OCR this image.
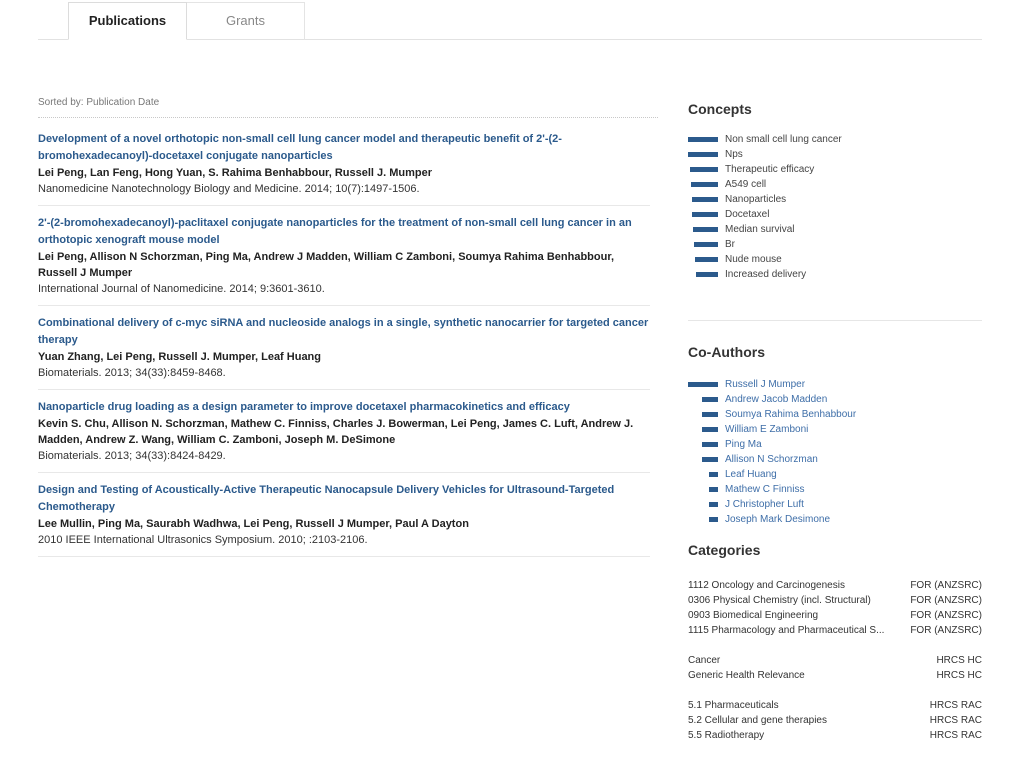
Publications	Grants
Sorted by: Publication Date
Development of a novel orthotopic non-small cell lung cancer model and therapeutic benefit of 2'-(2-bromohexadecanoyl)-docetaxel conjugate nanoparticles
Lei Peng, Lan Feng, Hong Yuan, S. Rahima Benhabbour, Russell J. Mumper
Nanomedicine Nanotechnology Biology and Medicine. 2014; 10(7):1497-1506.
2'-(2-bromohexadecanoyl)-paclitaxel conjugate nanoparticles for the treatment of non-small cell lung cancer in an orthotopic xenograft mouse model
Lei Peng, Allison N Schorzman, Ping Ma, Andrew J Madden, William C Zamboni, Soumya Rahima Benhabbour, Russell J Mumper
International Journal of Nanomedicine. 2014; 9:3601-3610.
Combinational delivery of c-myc siRNA and nucleoside analogs in a single, synthetic nanocarrier for targeted cancer therapy
Yuan Zhang, Lei Peng, Russell J. Mumper, Leaf Huang
Biomaterials. 2013; 34(33):8459-8468.
Nanoparticle drug loading as a design parameter to improve docetaxel pharmacokinetics and efficacy
Kevin S. Chu, Allison N. Schorzman, Mathew C. Finniss, Charles J. Bowerman, Lei Peng, James C. Luft, Andrew J. Madden, Andrew Z. Wang, William C. Zamboni, Joseph M. DeSimone
Biomaterials. 2013; 34(33):8424-8429.
Design and Testing of Acoustically-Active Therapeutic Nanocapsule Delivery Vehicles for Ultrasound-Targeted Chemotherapy
Lee Mullin, Ping Ma, Saurabh Wadhwa, Lei Peng, Russell J Mumper, Paul A Dayton
2010 IEEE International Ultrasonics Symposium. 2010; :2103-2106.
Concepts
Non small cell lung cancer
Nps
Therapeutic efficacy
A549 cell
Nanoparticles
Docetaxel
Median survival
Br
Nude mouse
Increased delivery
Co-Authors
Russell J Mumper
Andrew Jacob Madden
Soumya Rahima Benhabbour
William E Zamboni
Ping Ma
Allison N Schorzman
Leaf Huang
Mathew C Finniss
J Christopher Luft
Joseph Mark Desimone
Categories
1112 Oncology and Carcinogenesis	FOR (ANZSRC)
0306 Physical Chemistry (incl. Structural)	FOR (ANZSRC)
0903 Biomedical Engineering	FOR (ANZSRC)
1115 Pharmacology and Pharmaceutical S...	FOR (ANZSRC)
Cancer	HRCS HC
Generic Health Relevance	HRCS HC
5.1 Pharmaceuticals	HRCS RAC
5.2 Cellular and gene therapies	HRCS RAC
5.5 Radiotherapy	HRCS RAC
